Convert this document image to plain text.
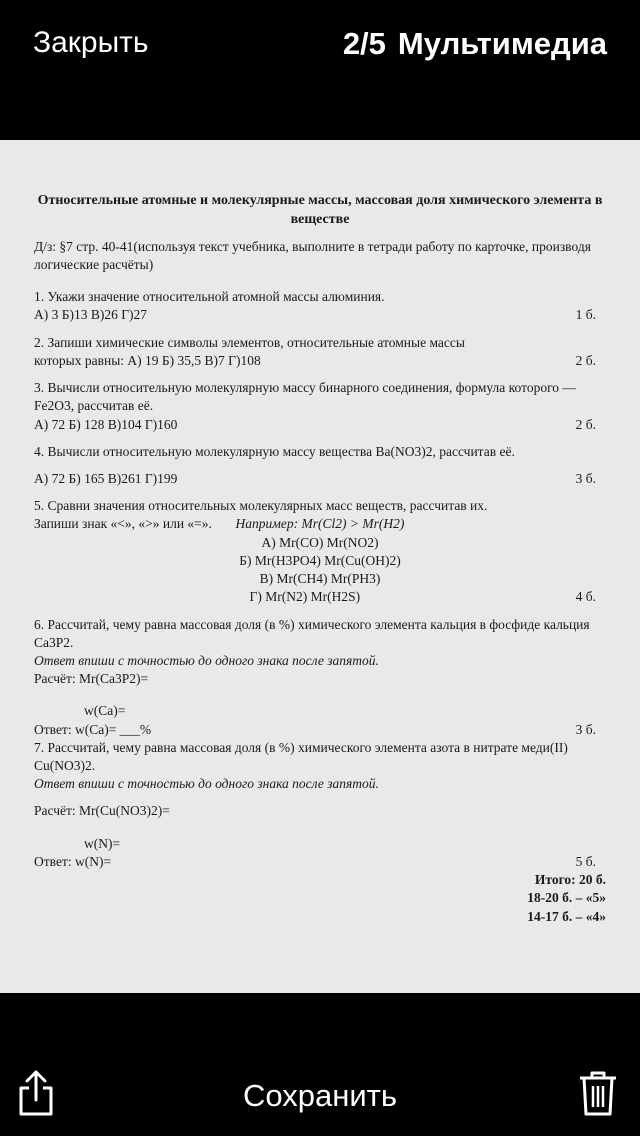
Закрыть	2/5 Мультимедиа

Относительные атомные и молекулярные массы, массовая доля химического элемента в веществе

Д/з: §7 стр. 40-41(используя текст учебника, выполните в тетради работу по карточке, производя логические расчёты)

1. Укажи значение относительной атомной массы алюминия.

А) 3 Б)13 В)26 Г)27	1 б.

2. Запиши химические символы элементов, относительные атомные массы

которых равны: А) 19 Б) 35,5 В)7 Г)108	2 б.

3. Вычисли относительную молекулярную массу бинарного соединения, формула которого — Fe2O3, рассчитав её.

А) 72 Б) 128 В)104 Г)160	2 б.

4. Вычисли относительную молекулярную массу вещества Ba(NO3)2, рассчитав её.

А) 72 Б) 165 В)261 Г)199	3 б.

5. Сравни значения относительных молекулярных масс веществ, рассчитав их.

Запиши знак «<», «>» или «=». Например: Mr(Cl2) > Mr(H2)

А) Mr(CO) Mr(NO2)

Б) Mr(H3PO4) Mr(Cu(OH)2)

В) Mr(CH4) Mr(PH3)

Г) Mr(N2) Mr(H2S)	4 б.

6. Рассчитай, чему равна массовая доля (в %) химического элемента кальция в фосфиде кальция Ca3P2.

Ответ впиши с точностью до одного знака после запятой.

Расчёт: Mr(Ca3P2)=

w(Ca)=

Ответ: w(Ca)= ___%	3 б.

7. Рассчитай, чему равна массовая доля (в %) химического элемента азота в нитрате меди(II) Cu(NO3)2.

Ответ впиши с точностью до одного знака после запятой.

Расчёт: Mr(Cu(NO3)2)=

w(N)=

Ответ: w(N)=	5 б.

Итого: 20 б.

18-20 б. – «5»

14-17 б. – «4»

Сохранить
